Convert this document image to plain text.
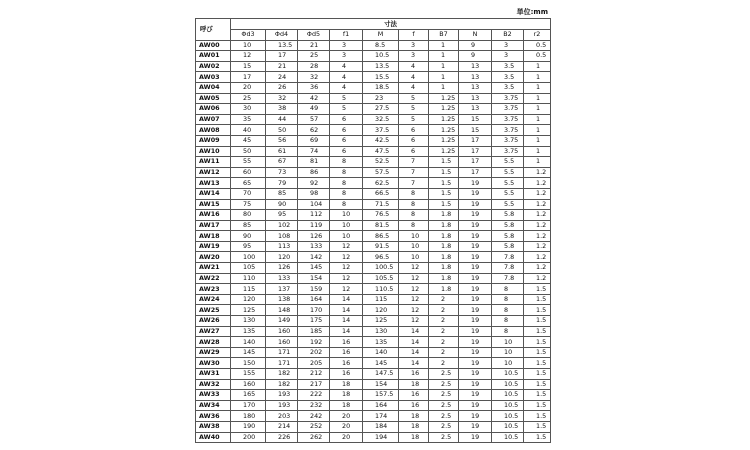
単位:mm
呼び	寸法									
	Φd3	Φd4	Φd5	f1	M	f	B7	N	B2	r2
AW00	10	13.5	21	3	8.5	3	1	9	3	0.5
AW01	12	17	25	3	10.5	3	1	9	3	0.5
AW02	15	21	28	4	13.5	4	1	13	3.5	1
AW03	17	24	32	4	15.5	4	1	13	3.5	1
AW04	20	26	36	4	18.5	4	1	13	3.5	1
AW05	25	32	42	5	23	5	1.25	13	3.75	1
AW06	30	38	49	5	27.5	5	1.25	13	3.75	1
AW07	35	44	57	6	32.5	5	1.25	15	3.75	1
AW08	40	50	62	6	37.5	6	1.25	15	3.75	1
AW09	45	56	69	6	42.5	6	1.25	17	3.75	1
AW10	50	61	74	6	47.5	6	1.25	17	3.75	1
AW11	55	67	81	8	52.5	7	1.5	17	5.5	1
AW12	60	73	86	8	57.5	7	1.5	17	5.5	1.2
AW13	65	79	92	8	62.5	7	1.5	19	5.5	1.2
AW14	70	85	98	8	66.5	8	1.5	19	5.5	1.2
AW15	75	90	104	8	71.5	8	1.5	19	5.5	1.2
AW16	80	95	112	10	76.5	8	1.8	19	5.8	1.2
AW17	85	102	119	10	81.5	8	1.8	19	5.8	1.2
AW18	90	108	126	10	86.5	10	1.8	19	5.8	1.2
AW19	95	113	133	12	91.5	10	1.8	19	5.8	1.2
AW20	100	120	142	12	96.5	10	1.8	19	7.8	1.2
AW21	105	126	145	12	100.5	12	1.8	19	7.8	1.2
AW22	110	133	154	12	105.5	12	1.8	19	7.8	1.2
AW23	115	137	159	12	110.5	12	1.8	19	8	1.5
AW24	120	138	164	14	115	12	2	19	8	1.5
AW25	125	148	170	14	120	12	2	19	8	1.5
AW26	130	149	175	14	125	12	2	19	8	1.5
AW27	135	160	185	14	130	14	2	19	8	1.5
AW28	140	160	192	16	135	14	2	19	10	1.5
AW29	145	171	202	16	140	14	2	19	10	1.5
AW30	150	171	205	16	145	14	2	19	10	1.5
AW31	155	182	212	16	147.5	16	2.5	19	10.5	1.5
AW32	160	182	217	18	154	18	2.5	19	10.5	1.5
AW33	165	193	222	18	157.5	16	2.5	19	10.5	1.5
AW34	170	193	232	18	164	16	2.5	19	10.5	1.5
AW36	180	203	242	20	174	18	2.5	19	10.5	1.5
AW38	190	214	252	20	184	18	2.5	19	10.5	1.5
AW40	200	226	262	20	194	18	2.5	19	10.5	1.5
